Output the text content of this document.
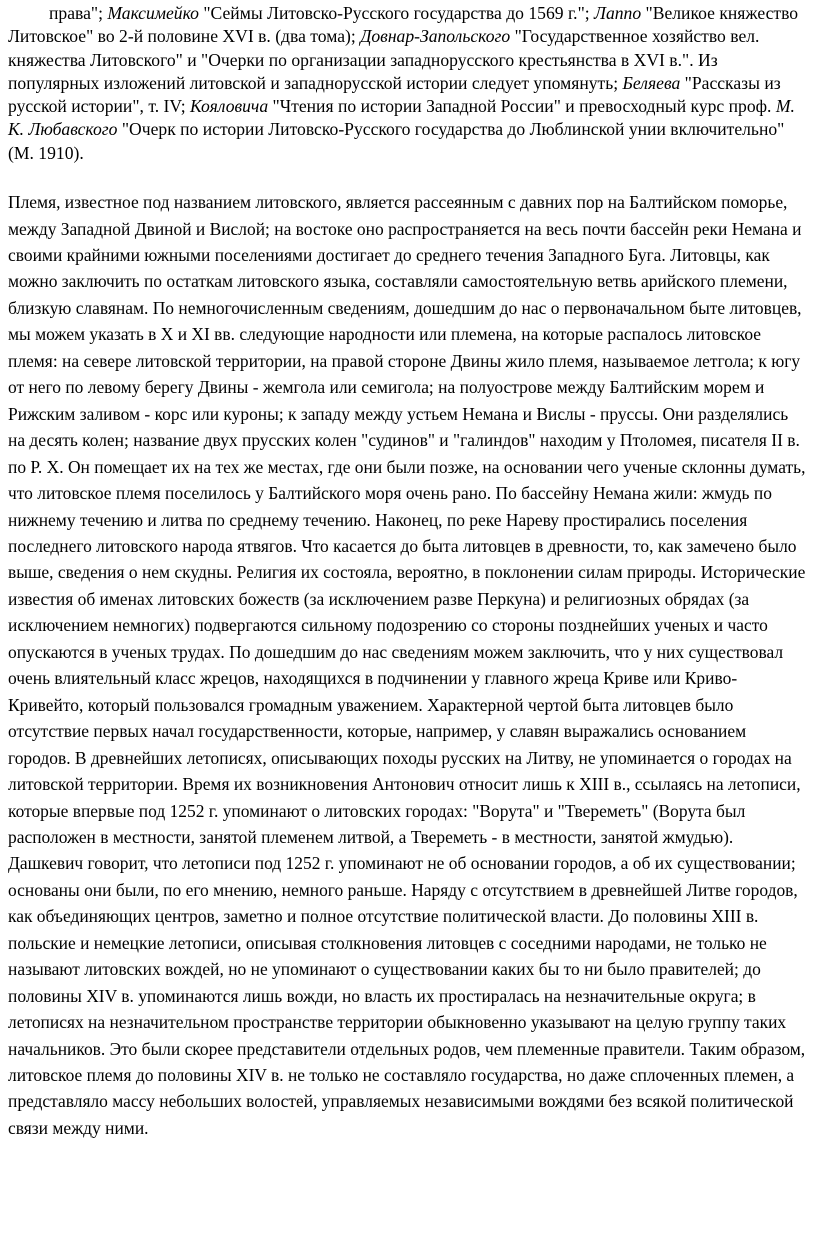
права"; Максимейко "Сеймы Литовско-Русского государства до 1569 г."; Лаппо "Великое княжество Литовское" во 2-й половине XVI в. (два тома); Довнар-Запольского "Государственное хозяйство вел. княжества Литовского" и "Очерки по организации западнорусского крестьянства в XVI в.". Из популярных изложений литовской и западнорусской истории следует упомянуть; Беляева "Рассказы из русской истории", т. IV; Кояловича "Чтения по истории Западной России" и превосходный курс проф. М. К. Любавского "Очерк по истории Литовско-Русского государства до Люблинской унии включительно" (М. 1910).

Племя, известное под названием литовского, является рассеянным с давних пор на Балтийском поморье, между Западной Двиной и Вислой; на востоке оно распространяется на весь почти бассейн реки Немана и своими крайними южными поселениями достигает до среднего течения Западного Буга. Литовцы, как можно заключить по остаткам литовского языка, составляли самостоятельную ветвь арийского племени, близкую славянам. По немногочисленным сведениям, дошедшим до нас о первоначальном быте литовцев, мы можем указать в X и XI вв. следующие народности или племена, на которые распалось литовское племя: на севере литовской территории, на правой стороне Двины жило племя, называемое летгола; к югу от него по левому берегу Двины - жемгола или семигола; на полуострове между Балтийским морем и Рижским заливом - корс или куроны; к западу между устьем Немана и Вислы - пруссы. Они разделялись на десять колен; название двух прусских колен "судинов" и "галиндов" находим у Птоломея, писателя II в. по Р. Х. Он помещает их на тех же местах, где они были позже, на основании чего ученые склонны думать, что литовское племя поселилось у Балтийского моря очень рано. По бассейну Немана жили: жмудь по нижнему течению и литва по среднему течению. Наконец, по реке Нареву простирались поселения последнего литовского народа ятвягов. Что касается до быта литовцев в древности, то, как замечено было выше, сведения о нем скудны. Религия их состояла, вероятно, в поклонении силам природы. Исторические известия об именах литовских божеств (за исключением разве Перкуна) и религиозных обрядах (за исключением немногих) подвергаются сильному подозрению со стороны позднейших ученых и часто опускаются в ученых трудах. По дошедшим до нас сведениям можем заключить, что у них существовал очень влиятельный класс жрецов, находящихся в подчинении у главного жреца Криве или Криво-Кривейто, который пользовался громадным уважением. Характерной чертой быта литовцев было отсутствие первых начал государственности, которые, например, у славян выражались основанием городов. В древнейших летописях, описывающих походы русских на Литву, не упоминается о городах на литовской территории. Время их возникновения Антонович относит лишь к XIII в., ссылаясь на летописи, которые впервые под 1252 г. упоминают о литовских городах: "Ворута" и "Твереметь" (Ворута был расположен в местности, занятой племенем литвой, а Твереметь - в местности, занятой жмудью). Дашкевич говорит, что летописи под 1252 г. упоминают не об основании городов, а об их существовании; основаны они были, по его мнению, немного раньше. Наряду с отсутствием в древнейшей Литве городов, как объединяющих центров, заметно и полное отсутствие политической власти. До половины XIII в. польские и немецкие летописи, описывая столкновения литовцев с соседними народами, не только не называют литовских вождей, но не упоминают о существовании каких бы то ни было правителей; до половины XIV в. упоминаются лишь вожди, но власть их простиралась на незначительные округа; в летописях на незначительном пространстве территории обыкновенно указывают на целую группу таких начальников. Это были скорее представители отдельных родов, чем племенные правители. Таким образом, литовское племя до половины XIV в. не только не составляло государства, но даже сплоченных племен, а представляло массу небольших волостей, управляемых независимыми вождями без всякой политической связи между ними.
